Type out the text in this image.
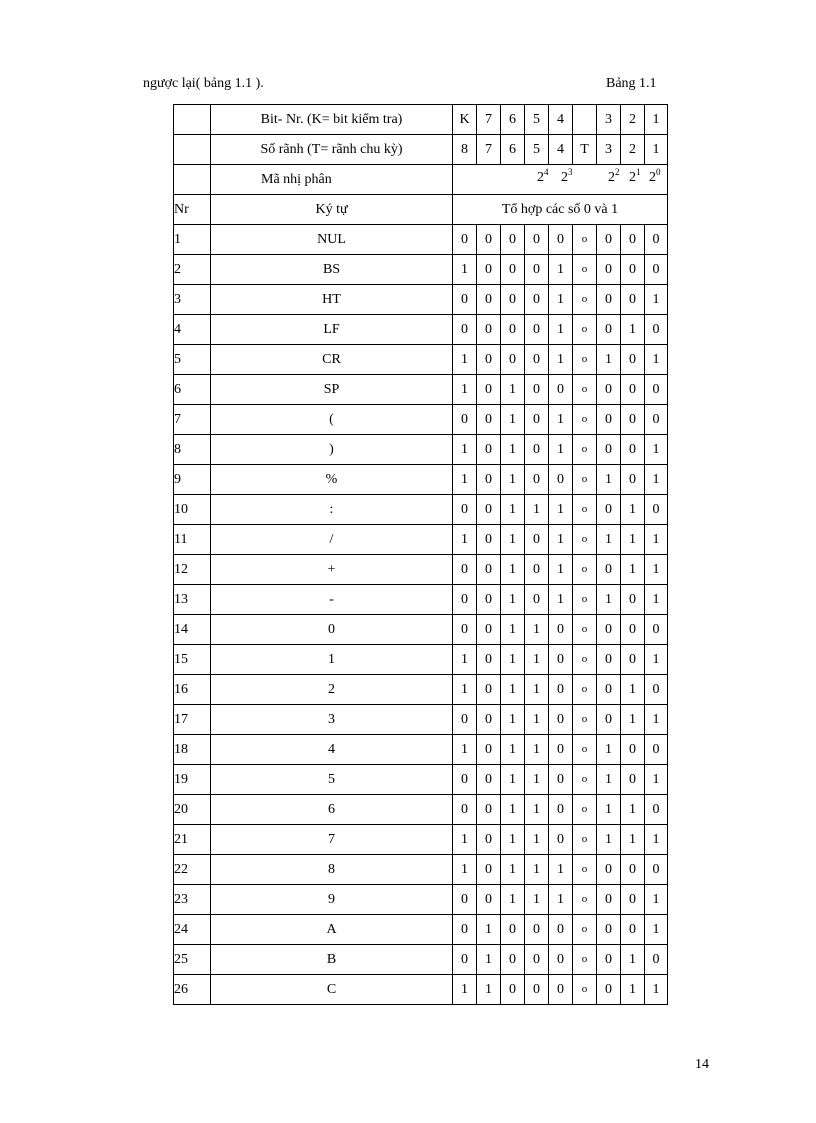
ngược lại( bảng 1.1 ).	Bảng 1.1
	Bit- Nr. (K= bit kiểm tra)	K	7	6	5	4		3	2	1
	Số rãnh (T= rãnh chu kỳ)	8	7	6	5	4	T	3	2	1
	Mã nhị phân	$2^4$ $2^3$ $2^2$ $2^1$ $2^0$

Nr	Ký tự	Tổ hợp các số 0 và 1								
1	NUL	0	0	0	0	0	o	0	0	0
2	BS	1	0	0	0	1	o	0	0	0
3	HT	0	0	0	0	1	o	0	0	1
4	LF	0	0	0	0	1	o	0	1	0
5	CR	1	0	0	0	1	o	1	0	1
6	SP	1	0	1	0	0	o	0	0	0
7	(	0	0	1	0	1	o	0	0	0
8	)	1	0	1	0	1	o	0	0	1
9	%	1	0	1	0	0	o	1	0	1
10	:	0	0	1	1	1	o	0	1	0
11	/	1	0	1	0	1	o	1	1	1
12	+	0	0	1	0	1	o	0	1	1
13	-	0	0	1	0	1	o	1	0	1
14	0	0	0	1	1	0	o	0	0	0
15	1	1	0	1	1	0	o	0	0	1
16	2	1	0	1	1	0	o	0	1	0
17	3	0	0	1	1	0	o	0	1	1
18	4	1	0	1	1	0	o	1	0	0
19	5	0	0	1	1	0	o	1	0	1
20	6	0	0	1	1	0	o	1	1	0
21	7	1	0	1	1	0	o	1	1	1
22	8	1	0	1	1	1	o	0	0	0
23	9	0	0	1	1	1	o	0	0	1
24	A	0	1	0	0	0	o	0	0	1
25	B	0	1	0	0	0	o	0	1	0
26	C	1	1	0	0	0	o	0	1	1
14
